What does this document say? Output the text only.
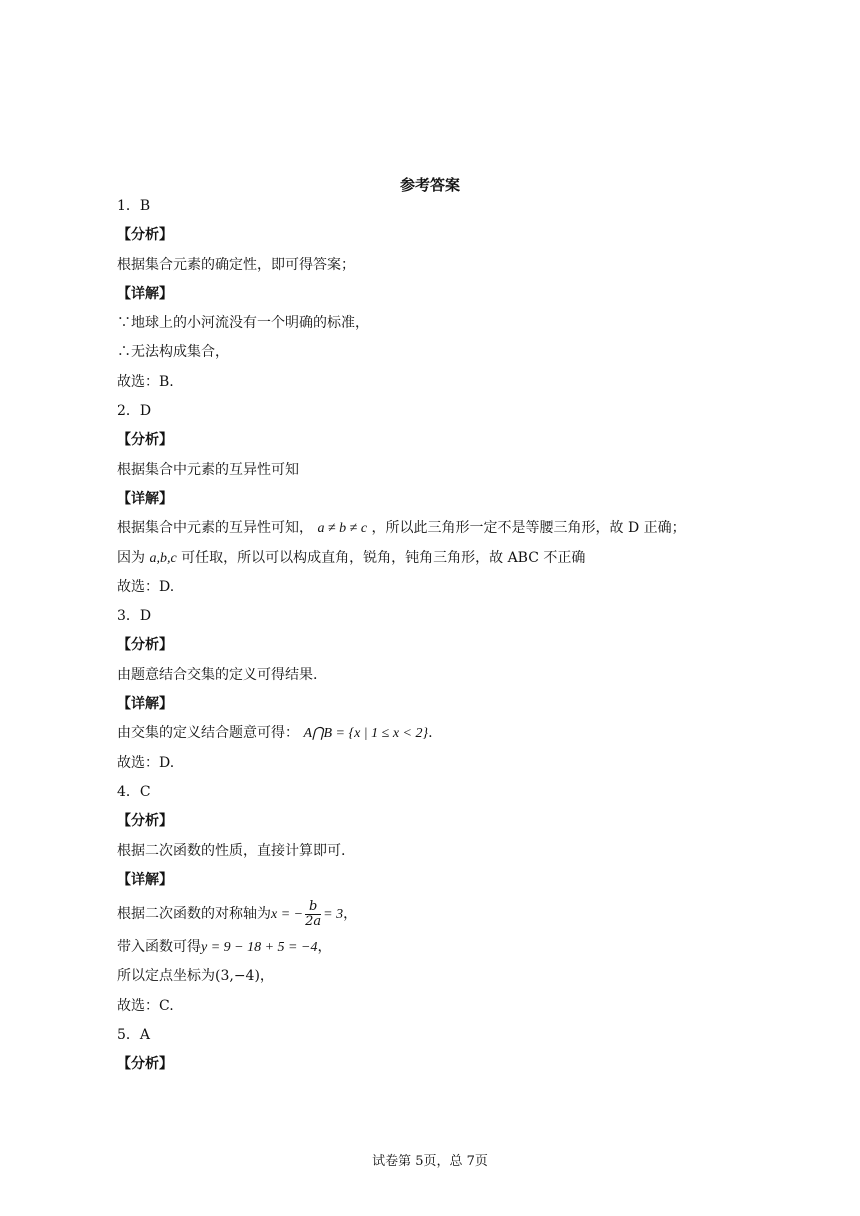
参考答案
1．B
【分析】
根据集合元素的确定性，即可得答案；
【详解】
∵地球上的小河流没有一个明确的标准，
∴无法构成集合，
故选：B.
2．D
【分析】
根据集合中元素的互异性可知
【详解】
根据集合中元素的互异性可知， a ≠ b ≠ c ，所以此三角形一定不是等腰三角形，故 D 正确；
因为 a,b,c 可任取，所以可以构成直角，锐角，钝角三角形，故 ABC 不正确
故选：D.
3．D
【分析】
由题意结合交集的定义可得结果.
【详解】
由交集的定义结合题意可得： A⋂B = {x | 1 ≤ x < 2}.
故选：D.
4．C
【分析】
根据二次函数的性质，直接计算即可.
【详解】
根据二次函数的对称轴为x = − $\frac{b}{2a} = 3$，
带入函数可得y = 9 − 18 + 5 = −4，
所以定点坐标为(3,−4)，
故选：C.
5．A
【分析】
试卷第 5页，总 7页
